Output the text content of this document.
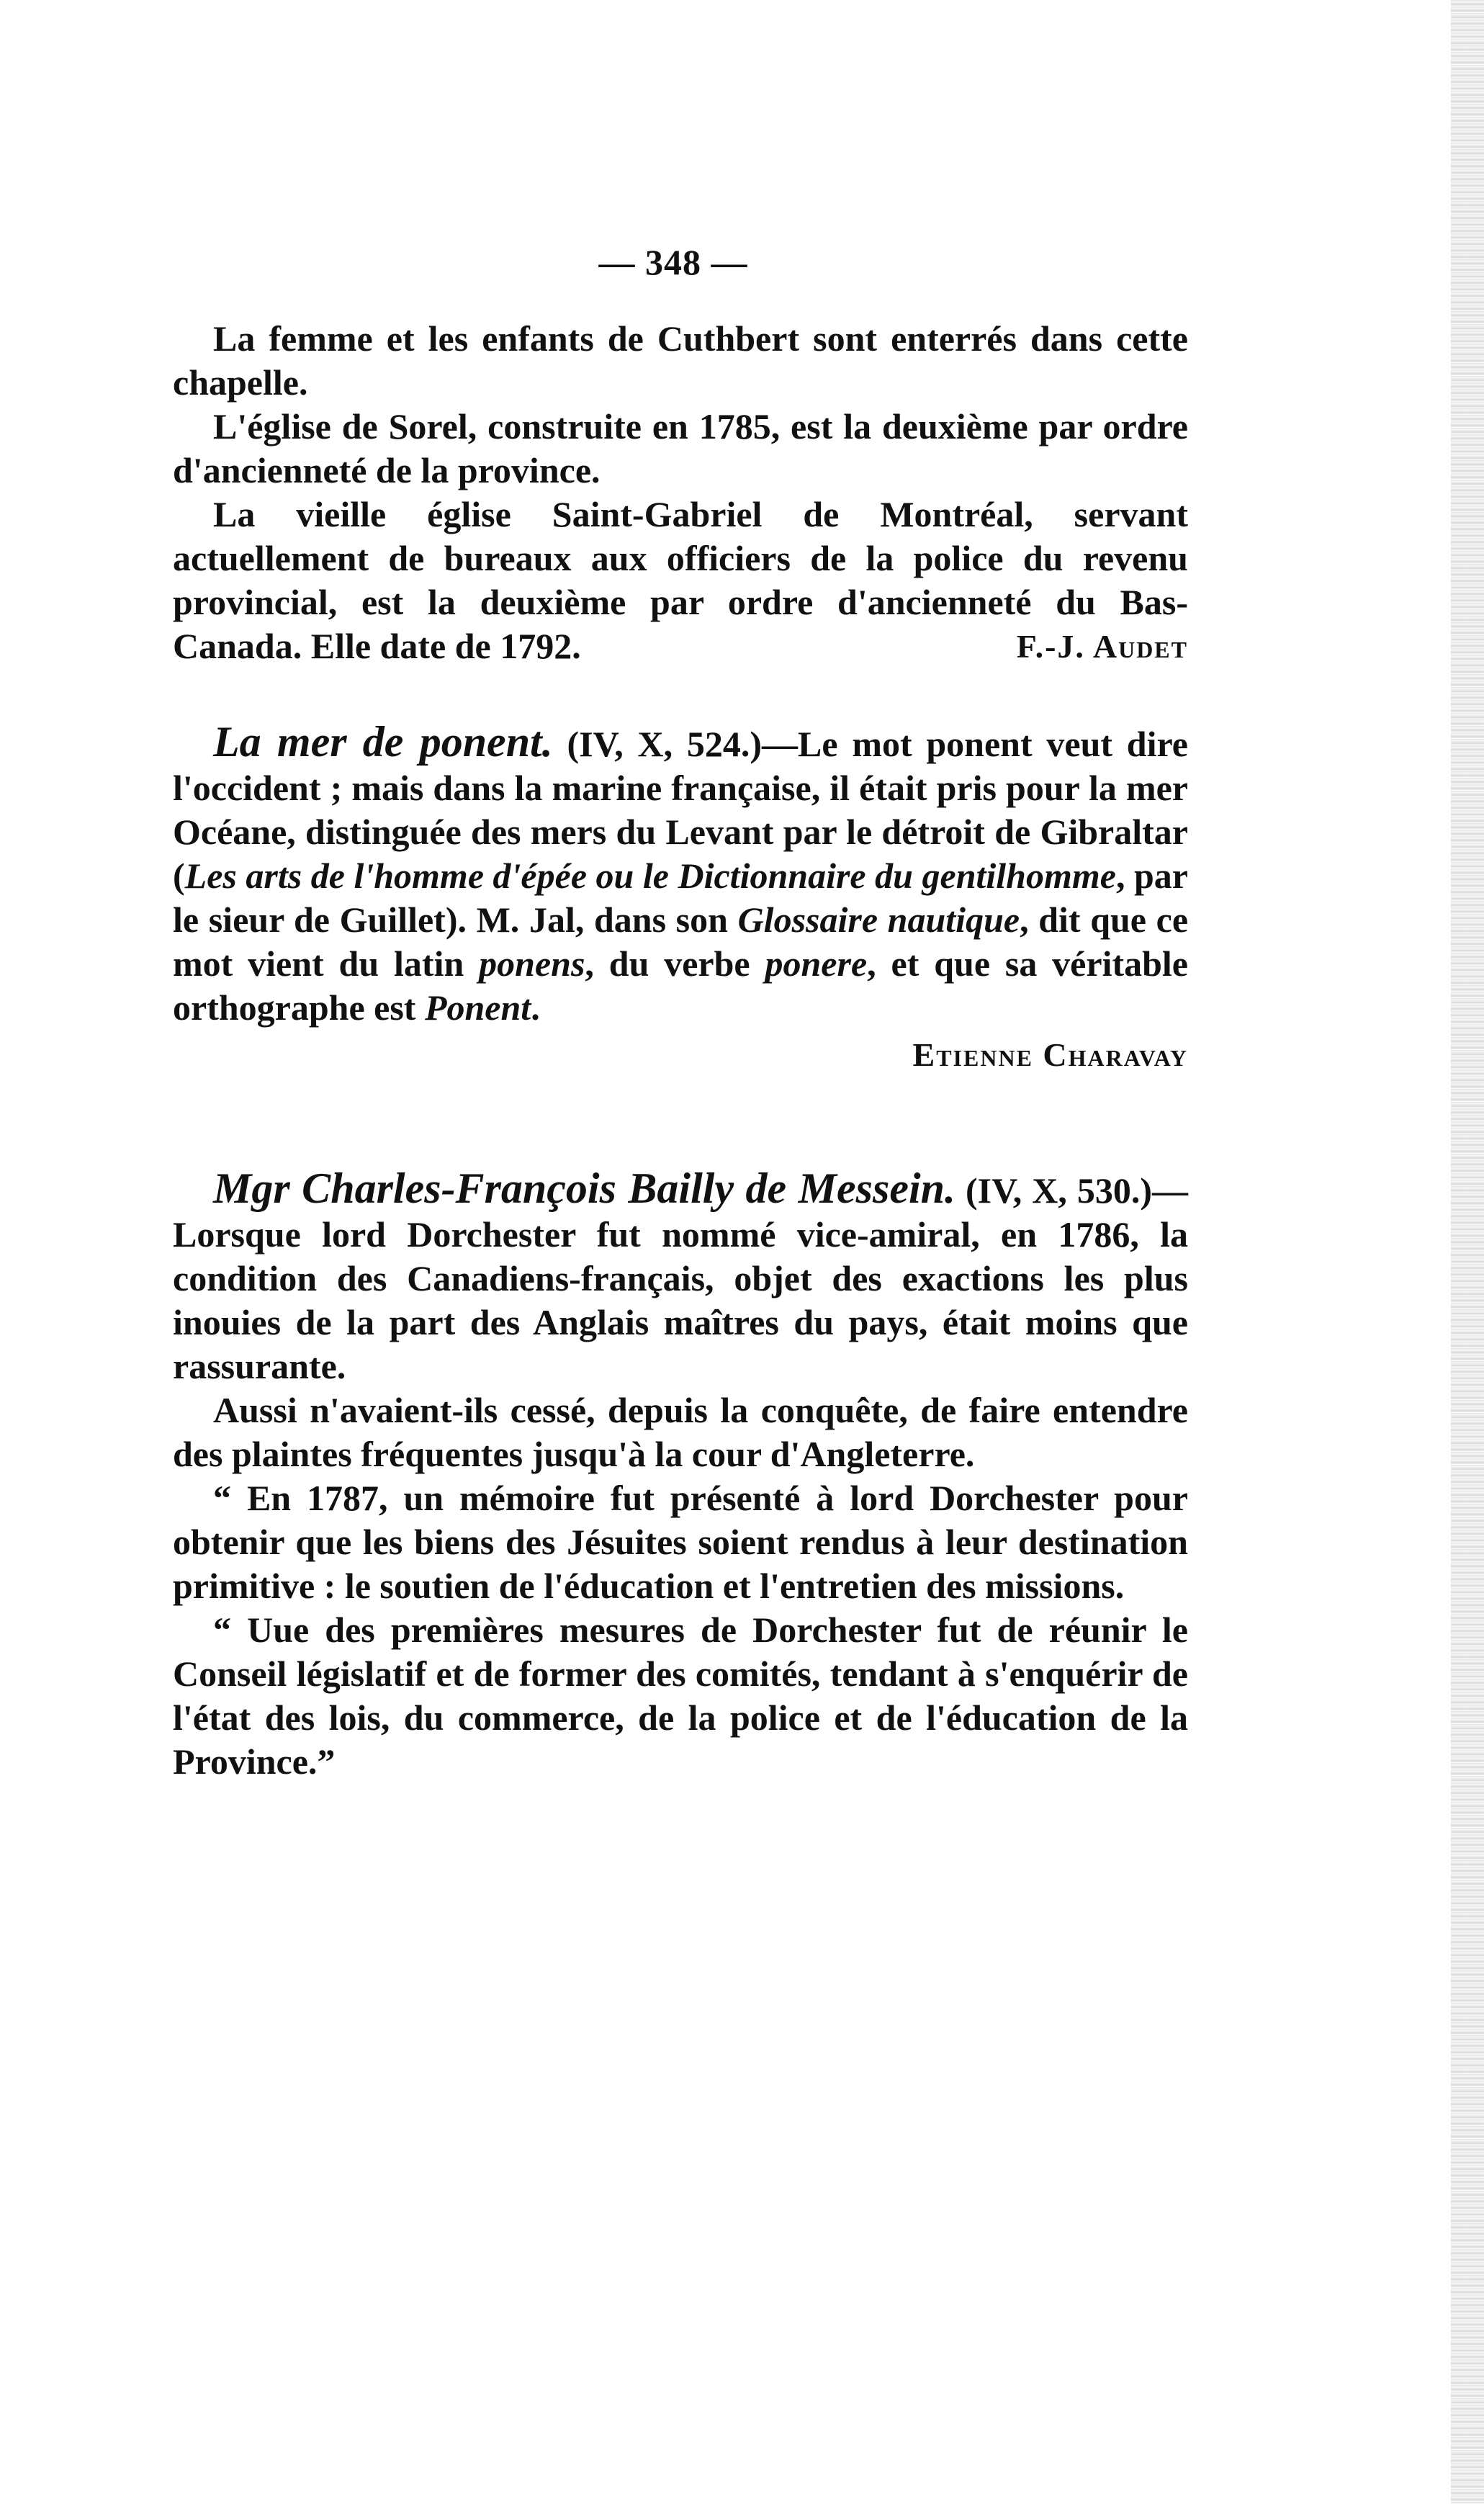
— 348 —

La femme et les enfants de Cuthbert sont enterrés dans cette chapelle.

L'église de Sorel, construite en 1785, est la deuxième par ordre d'ancienneté de la province.

La vieille église Saint-Gabriel de Montréal, servant actuellement de bureaux aux officiers de la police du revenu provincial, est la deuxième par ordre d'ancienneté du Bas-Canada. Elle date de 1792.	F.-J. Audet

La mer de ponent. (IV, X, 524.)—Le mot ponent veut dire l'occident ; mais dans la marine française, il était pris pour la mer Océane, distinguée des mers du Levant par le détroit de Gibraltar (Les arts de l'homme d'épée ou le Dictionnaire du gentilhomme, par le sieur de Guillet). M. Jal, dans son Glossaire nautique, dit que ce mot vient du latin ponens, du verbe ponere, et que sa véritable orthographe est Ponent.

Etienne Charavay

Mgr Charles-François Bailly de Messein. (IV, X, 530.)—Lorsque lord Dorchester fut nommé vice-amiral, en 1786, la condition des Canadiens-français, objet des exactions les plus inouies de la part des Anglais maîtres du pays, était moins que rassurante.

Aussi n'avaient-ils cessé, depuis la conquête, de faire entendre des plaintes fréquentes jusqu'à la cour d'Angleterre.

“ En 1787, un mémoire fut présenté à lord Dorchester pour obtenir que les biens des Jésuites soient rendus à leur destination primitive : le soutien de l'éducation et l'entretien des missions.

“ Uue des premières mesures de Dorchester fut de réunir le Conseil législatif et de former des comités, tendant à s'enquérir de l'état des lois, du commerce, de la police et de l'éducation de la Province.”
